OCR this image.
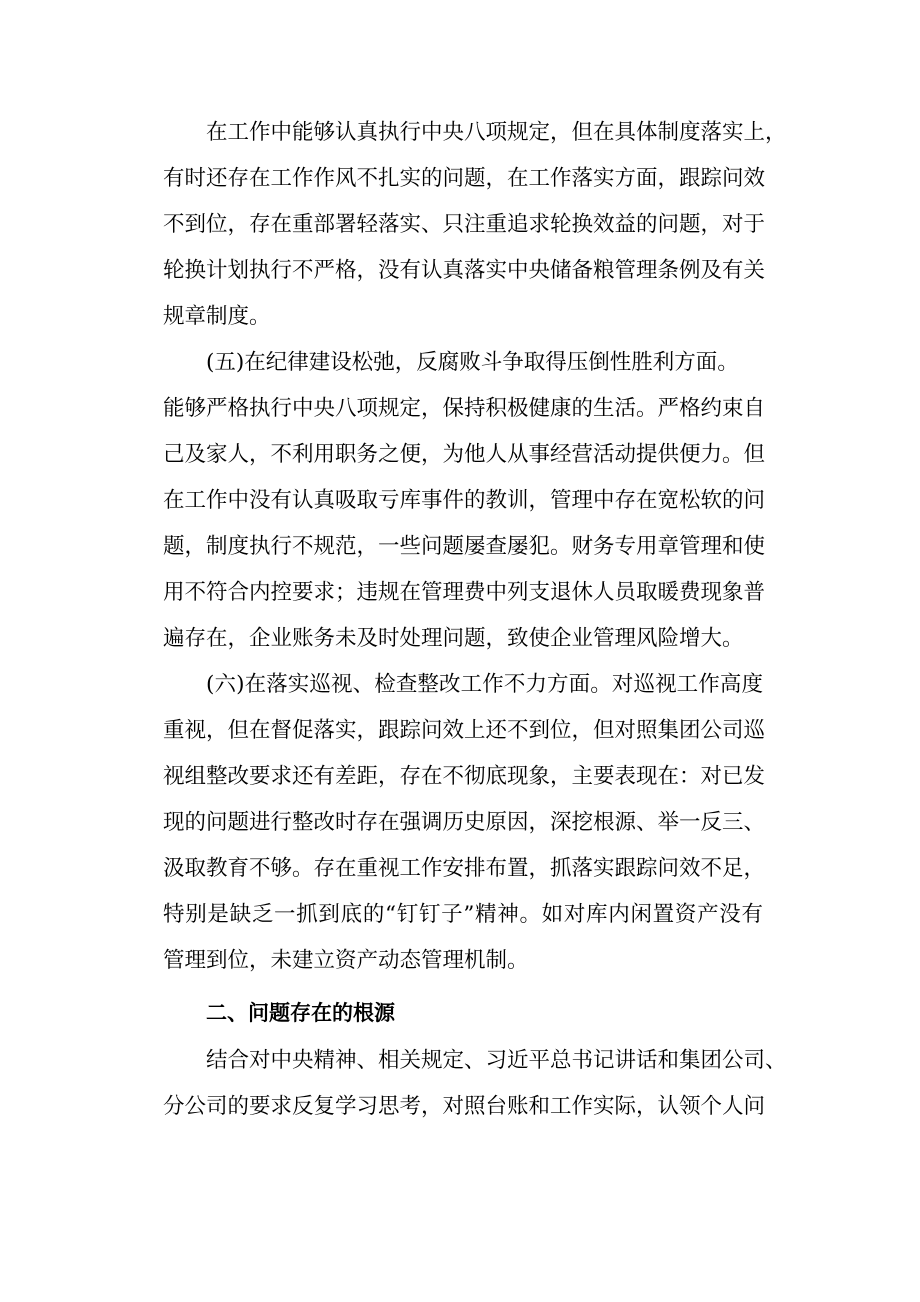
在工作中能够认真执行中央八项规定，但在具体制度落实上，
有时还存在工作作风不扎实的问题，在工作落实方面，跟踪问效
不到位，存在重部署轻落实、只注重追求轮换效益的问题，对于
轮换计划执行不严格，没有认真落实中央储备粮管理条例及有关
规章制度。
(五)在纪律建设松弛，反腐败斗争取得压倒性胜利方面。
能够严格执行中央八项规定，保持积极健康的生活。严格约束自
己及家人，不利用职务之便，为他人从事经营活动提供便力。但
在工作中没有认真吸取亏库事件的教训，管理中存在宽松软的问
题，制度执行不规范，一些问题屡查屡犯。财务专用章管理和使
用不符合内控要求；违规在管理费中列支退休人员取暖费现象普
遍存在，企业账务未及时处理问题，致使企业管理风险增大。
(六)在落实巡视、检查整改工作不力方面。对巡视工作高度
重视，但在督促落实，跟踪问效上还不到位，但对照集团公司巡
视组整改要求还有差距，存在不彻底现象，主要表现在：对已发
现的问题进行整改时存在强调历史原因，深挖根源、举一反三、
汲取教育不够。存在重视工作安排布置，抓落实跟踪问效不足，
特别是缺乏一抓到底的“钉钉子”精神。如对库内闲置资产没有
管理到位，未建立资产动态管理机制。
二、问题存在的根源
结合对中央精神、相关规定、习近平总书记讲话和集团公司、
分公司的要求反复学习思考，对照台账和工作实际，认领个人问
